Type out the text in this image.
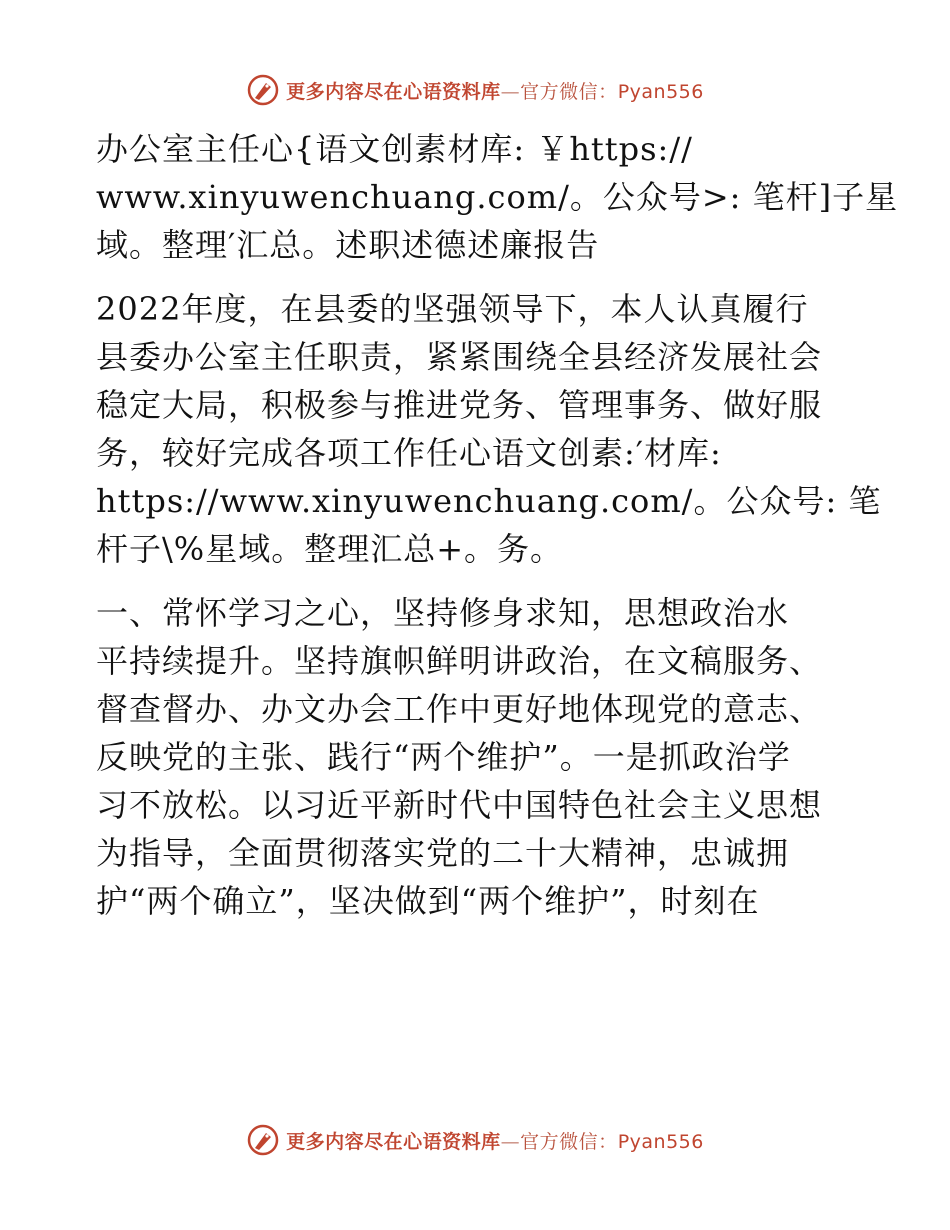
更多内容尽在心语资料库—官方微信：Pyan556
办公室主任心{语文创素材库: ￥https://
www.xinyuwenchuang.com/。公众号>: 笔杆]子星
域。整理′汇总。述职述德述廉报告
2022年度，在县委的坚强领导下，本人认真履行
县委办公室主任职责，紧紧围绕全县经济发展社会
稳定大局，积极参与推进党务、管理事务、做好服
务，较好完成各项工作任心语文创素:′材库:
https://www.xinyuwenchuang.com/。公众号: 笔
杆子\%星域。整理汇总+。务。
一、常怀学习之心，坚持修身求知，思想政治水
平持续提升。坚持旗帜鲜明讲政治，在文稿服务、
督查督办、办文办会工作中更好地体现党的意志、
反映党的主张、践行“两个维护”。一是抓政治学
习不放松。以习近平新时代中国特色社会主义思想
为指导，全面贯彻落实党的二十大精神，忠诚拥
护“两个确立”，坚决做到“两个维护”，时刻在
更多内容尽在心语资料库—官方微信：Pyan556
